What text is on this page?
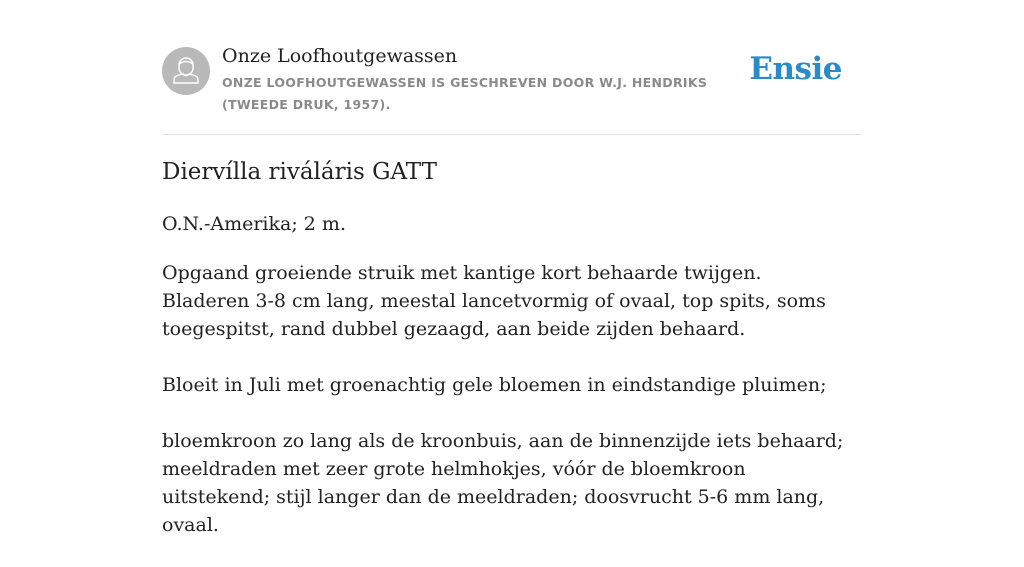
Onze Loofhoutgewassen
ONZE LOOFHOUTGEWASSEN IS GESCHREVEN DOOR W.J. HENDRIKS (TWEEDE DRUK, 1957).
Ensie
Diervílla riváláris GATT
O.N.-Amerika; 2 m.

Opgaand groeiende struik met kantige kort behaarde twijgen. Bladeren 3-8 cm lang, meestal lancetvormig of ovaal, top spits, soms toegespitst, rand dubbel gezaagd, aan beide zijden behaard.

Bloeit in Juli met groenachtig gele bloemen in eindstandige pluimen;

bloemkroon zo lang als de kroonbuis, aan de binnenzijde iets behaard; meeldraden met zeer grote helmhokjes, vóór de bloemkroon uitstekend; stijl langer dan de meeldraden; doosvrucht 5-6 mm lang, ovaal.
